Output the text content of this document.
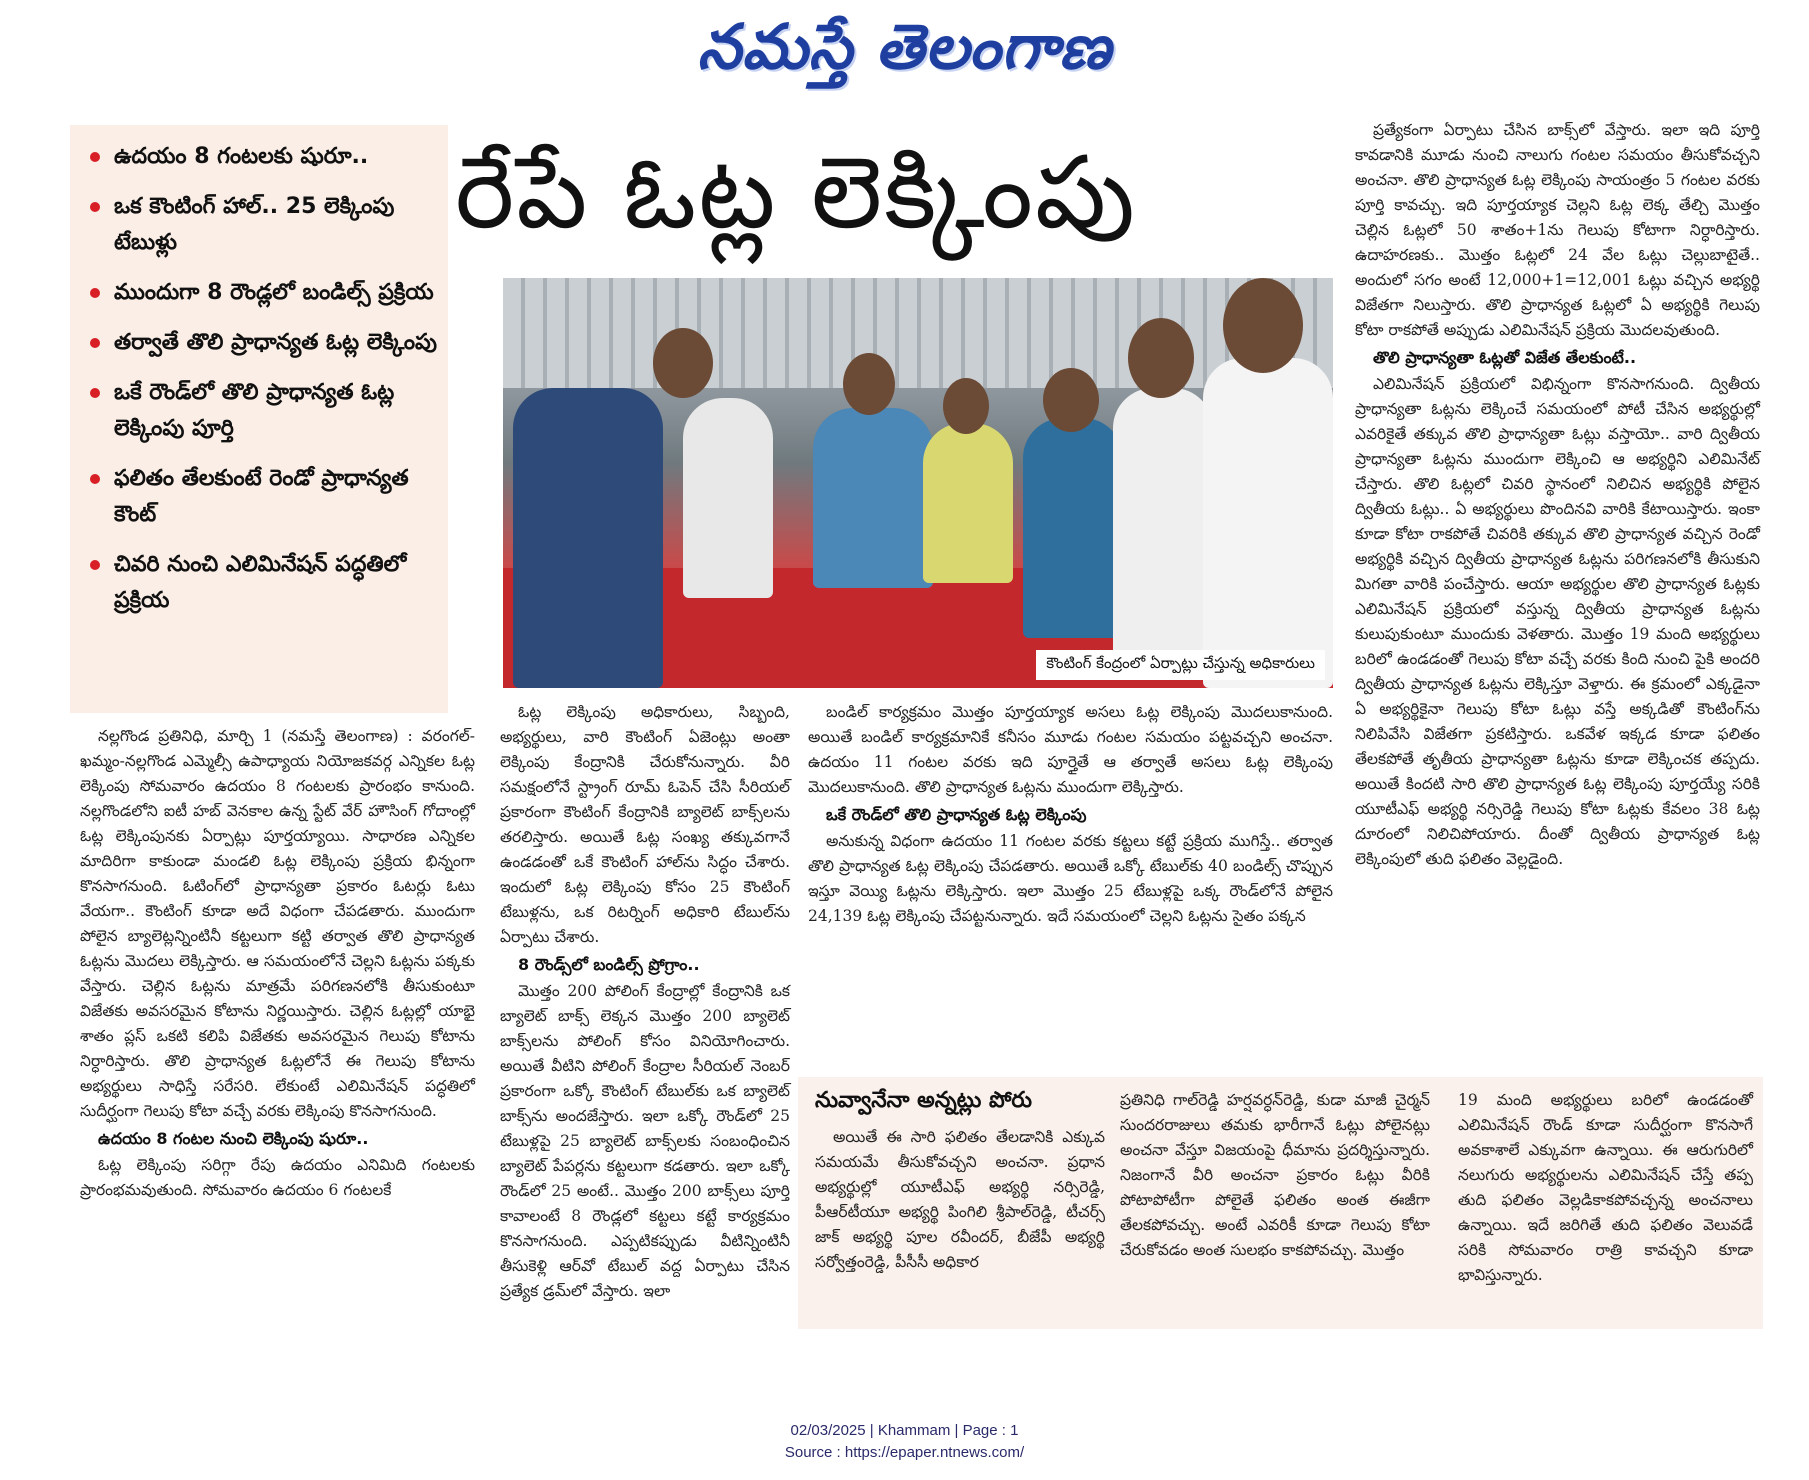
నమస్తే తెలంగాణ
ఉదయం 8 గంటలకు షురూ..
ఒక కౌంటింగ్ హాల్.. 25 లెక్కింపు టేబుళ్లు
ముందుగా 8 రౌండ్లలో బండిల్స్ ప్రక్రియ
తర్వాతే తొలి ప్రాధాన్యత ఓట్ల లెక్కింపు
ఒకే రౌండ్‌లో తొలి ప్రాధాన్యత ఓట్ల లెక్కింపు పూర్తి
ఫలితం తేలకుంటే రెండో ప్రాధాన్యత కౌంట్
చివరి నుంచి ఎలిమినేషన్ పద్ధతిలో ప్రక్రియ
రేపే ఓట్ల లెక్కింపు
కౌంటింగ్ కేంద్రంలో ఏర్పాట్లు చేస్తున్న అధికారులు

నల్లగొండ ప్రతినిధి, మార్చి 1 (నమస్తే తెలంగాణ) : వరంగల్-ఖమ్మం-నల్లగొండ ఎమ్మెల్సీ ఉపాధ్యాయ నియోజకవర్గ ఎన్నికల ఓట్ల లెక్కింపు సోమవారం ఉదయం 8 గంటలకు ప్రారంభం కానుంది. నల్లగొండలోని ఐటీ హబ్ వెనకాల ఉన్న స్టేట్ వేర్ హౌసింగ్ గోదాంల్లో ఓట్ల లెక్కింపునకు ఏర్పాట్లు పూర్తయ్యాయి. సాధారణ ఎన్నికల మాదిరిగా కాకుండా మండలి ఓట్ల లెక్కింపు ప్రక్రియ భిన్నంగా కొనసాగనుంది. ఓటింగ్‌లో ప్రాధాన్యతా ప్రకారం ఓటర్లు ఓటు వేయగా.. కౌంటింగ్ కూడా అదే విధంగా చేపడతారు. ముందుగా పోలైన బ్యాలెట్లన్నింటినీ కట్టలుగా కట్టి తర్వాత తొలి ప్రాధాన్యత ఓట్లను మొదలు లెక్కిస్తారు. ఆ సమయంలోనే చెల్లని ఓట్లను పక్కకు వేస్తారు. చెల్లిన ఓట్లను మాత్రమే పరిగణనలోకి తీసుకుంటూ విజేతకు అవసరమైన కోటాను నిర్ణయిస్తారు. చెల్లిన ఓట్లల్లో యాభై శాతం ప్లస్ ఒకటి కలిపి విజేతకు అవసరమైన గెలుపు కోటాను నిర్ధారిస్తారు. తొలి ప్రాధాన్యత ఓట్లలోనే ఈ గెలుపు కోటాను అభ్యర్థులు సాధిస్తే సరేసరి. లేకుంటే ఎలిమినేషన్ పద్ధతిలో సుదీర్ఘంగా గెలుపు కోటా వచ్చే వరకు లెక్కింపు కొనసాగనుంది.

ఉదయం 8 గంటల నుంచి లెక్కింపు షురూ..

ఓట్ల లెక్కింపు సరిగ్గా రేపు ఉదయం ఎనిమిది గంటలకు ప్రారంభమవుతుంది. సోమవారం ఉదయం 6 గంటలకే

ఓట్ల లెక్కింపు అధికారులు, సిబ్బంది, అభ్యర్థులు, వారి కౌంటింగ్ ఏజెంట్లు అంతా లెక్కింపు కేంద్రానికి చేరుకోనున్నారు. వీరి సమక్షంలోనే స్ట్రాంగ్ రూమ్ ఓపెన్ చేసి సీరియల్ ప్రకారంగా కౌంటింగ్ కేంద్రానికి బ్యాలెట్ బాక్స్‌లను తరలిస్తారు. అయితే ఓట్ల సంఖ్య తక్కువగానే ఉండడంతో ఒకే కౌంటింగ్ హాల్‌ను సిద్ధం చేశారు. ఇందులో ఓట్ల లెక్కింపు కోసం 25 కౌంటింగ్ టేబుళ్లను, ఒక రిటర్నింగ్ అధికారి టేబుల్‌ను ఏర్పాటు చేశారు.

8 రౌండ్స్‌లో బండిల్స్ ప్రోగ్రాం..

మొత్తం 200 పోలింగ్ కేంద్రాల్లో కేంద్రానికి ఒక బ్యాలెట్ బాక్స్ లెక్కన మొత్తం 200 బ్యాలెట్ బాక్స్‌లను పోలింగ్ కోసం వినియోగించారు. అయితే వీటిని పోలింగ్ కేంద్రాల సీరియల్ నెంబర్ ప్రకారంగా ఒక్కో కౌంటింగ్ టేబుల్‌కు ఒక బ్యాలెట్ బాక్స్‌ను అందజేస్తారు. ఇలా ఒక్కో రౌండ్‌లో 25 టేబుళ్లపై 25 బ్యాలెట్ బాక్స్‌లకు సంబంధించిన బ్యాలెట్ పేపర్లను కట్టలుగా కడతారు. ఇలా ఒక్కో రౌండ్‌లో 25 అంటే.. మొత్తం 200 బాక్స్‌లు పూర్తి కావాలంటే 8 రౌండ్లలో కట్టలు కట్టే కార్యక్రమం కొనసాగనుంది. ఎప్పటికప్పుడు వీటిన్నింటినీ తీసుకెళ్లి ఆర్‌వో టేబుల్ వద్ద ఏర్పాటు చేసిన ప్రత్యేక డ్రమ్‌లో వేస్తారు. ఇలా

బండిల్ కార్యక్రమం మొత్తం పూర్తయ్యాక అసలు ఓట్ల లెక్కింపు మొదలుకానుంది. అయితే బండిల్ కార్యక్రమానికే కనీసం మూడు గంటల సమయం పట్టవచ్చని అంచనా. ఉదయం 11 గంటల వరకు ఇది పూర్తైతే ఆ తర్వాతే అసలు ఓట్ల లెక్కింపు మొదలుకానుంది. తొలి ప్రాధాన్యత ఓట్లను ముందుగా లెక్కిస్తారు.

ఒకే రౌండ్‌లో తొలి ప్రాధాన్యత ఓట్ల లెక్కింపు

అనుకున్న విధంగా ఉదయం 11 గంటల వరకు కట్టలు కట్టే ప్రక్రియ ముగిస్తే.. తర్వాత తొలి ప్రాధాన్యత ఓట్ల లెక్కింపు చేపడతారు. అయితే ఒక్కో టేబుల్‌కు 40 బండిల్స్ చొప్పున ఇస్తూ వెయ్యి ఓట్లను లెక్కిస్తారు. ఇలా మొత్తం 25 టేబుళ్లపై ఒక్క రౌండ్‌లోనే పోలైన 24,139 ఓట్ల లెక్కింపు చేపట్టనున్నారు. ఇదే సమయంలో చెల్లని ఓట్లను సైతం పక్కన

ప్రత్యేకంగా ఏర్పాటు చేసిన బాక్స్‌లో వేస్తారు. ఇలా ఇది పూర్తి కావడానికి మూడు నుంచి నాలుగు గంటల సమయం తీసుకోవచ్చని అంచనా. తొలి ప్రాధాన్యత ఓట్ల లెక్కింపు సాయంత్రం 5 గంటల వరకు పూర్తి కావచ్చు. ఇది పూర్తయ్యాక చెల్లని ఓట్ల లెక్క తేల్చి మొత్తం చెల్లిన ఓట్లలో 50 శాతం+1ను గెలుపు కోటాగా నిర్ధారిస్తారు. ఉదాహరణకు.. మొత్తం ఓట్లలో 24 వేల ఓట్లు చెల్లుబాటైతే.. అందులో సగం అంటే 12,000+1=12,001 ఓట్లు వచ్చిన అభ్యర్థి విజేతగా నిలుస్తారు. తొలి ప్రాధాన్యత ఓట్లలో ఏ అభ్యర్థికి గెలుపు కోటా రాకపోతే అప్పుడు ఎలిమినేషన్ ప్రక్రియ మొదలవుతుంది.

తొలి ప్రాధాన్యతా ఓట్లతో విజేత తేలకుంటే..

ఎలిమినేషన్ ప్రక్రియలో విభిన్నంగా కొనసాగనుంది. ద్వితీయ ప్రాధాన్యతా ఓట్లను లెక్కించే సమయంలో పోటీ చేసిన అభ్యర్థుల్లో ఎవరికైతే తక్కువ తొలి ప్రాధాన్యతా ఓట్లు వస్తాయో.. వారి ద్వితీయ ప్రాధాన్యతా ఓట్లను ముందుగా లెక్కించి ఆ అభ్యర్థిని ఎలిమినేట్ చేస్తారు. తొలి ఓట్లలో చివరి స్థానంలో నిలిచిన అభ్యర్థికి పోలైన ద్వితీయ ఓట్లు.. ఏ అభ్యర్థులు పొందినవి వారికి కేటాయిస్తారు. ఇంకా కూడా కోటా రాకపోతే చివరికి తక్కువ తొలి ప్రాధాన్యత వచ్చిన రెండో అభ్యర్థికి వచ్చిన ద్వితీయ ప్రాధాన్యత ఓట్లను పరిగణనలోకి తీసుకుని మిగతా వారికి పంచేస్తారు. ఆయా అభ్యర్థుల తొలి ప్రాధాన్యత ఓట్లకు ఎలిమినేషన్ ప్రక్రియలో వస్తున్న ద్వితీయ ప్రాధాన్యత ఓట్లను కులుపుకుంటూ ముందుకు వెళతారు. మొత్తం 19 మంది అభ్యర్థులు బరిలో ఉండడంతో గెలుపు కోటా వచ్చే వరకు కింది నుంచి పైకి అందరి ద్వితీయ ప్రాధాన్యత ఓట్లను లెక్కిస్తూ వెళ్తారు. ఈ క్రమంలో ఎక్కడైనా ఏ అభ్యర్థికైనా గెలుపు కోటా ఓట్లు వస్తే అక్కడితో కౌంటింగ్‌ను నిలిపివేసి విజేతగా ప్రకటిస్తారు. ఒకవేళ ఇక్కడ కూడా ఫలితం తేలకపోతే తృతీయ ప్రాధాన్యతా ఓట్లను కూడా లెక్కించక తప్పదు. అయితే కిందటి సారి తొలి ప్రాధాన్యత ఓట్ల లెక్కింపు పూర్తయ్యే సరికి యూటీఎఫ్ అభ్యర్థి నర్సిరెడ్డి గెలుపు కోటా ఓట్లకు కేవలం 38 ఓట్ల దూరంలో నిలిచిపోయారు. దీంతో ద్వితీయ ప్రాధాన్యత ఓట్ల లెక్కింపులో తుది ఫలితం వెల్లడైంది.

నువ్వానేనా అన్నట్లు పోరు

అయితే ఈ సారి ఫలితం తేలడానికి ఎక్కువ సమయమే తీసుకోవచ్చని అంచనా. ప్రధాన అభ్యర్థుల్లో యూటీఎఫ్ అభ్యర్థి నర్సిరెడ్డి, పీఆర్‌టీయూ అభ్యర్థి పింగిలి శ్రీపాల్‌రెడ్డి, టీచర్స్ జాక్ అభ్యర్థి పూల రవీందర్, బీజేపీ అభ్యర్థి సర్వోత్తంరెడ్డి, పీసీసీ అధికార

ప్రతినిధి గాల్‌రెడ్డి హర్షవర్ధన్‌రెడ్డి, కుడా మాజీ చైర్మన్ సుందరరాజులు తమకు భారీగానే ఓట్లు పోలైనట్లు అంచనా వేస్తూ విజయంపై ధీమాను ప్రదర్శిస్తున్నారు. నిజంగానే వీరి అంచనా ప్రకారం ఓట్లు వీరికి పోటాపోటీగా పోలైతే ఫలితం అంత ఈజీగా తేలకపోవచ్చు. అంటే ఎవరికీ కూడా గెలుపు కోటా చేరుకోవడం అంత సులభం కాకపోవచ్చు. మొత్తం

19 మంది అభ్యర్థులు బరిలో ఉండడంతో ఎలిమినేషన్ రౌండ్ కూడా సుదీర్ఘంగా కొనసాగే అవకాశాలే ఎక్కువగా ఉన్నాయి. ఈ ఆరుగురిలో నలుగురు అభ్యర్థులను ఎలిమినేషన్ చేస్తే తప్ప తుది ఫలితం వెల్లడికాకపోవచ్చన్న అంచనాలు ఉన్నాయి. ఇదే జరిగితే తుది ఫలితం వెలువడే సరికి సోమవారం రాత్రి కావచ్చని కూడా భావిస్తున్నారు.

02/03/2025 | Khammam | Page : 1
Source : https://epaper.ntnews.com/
